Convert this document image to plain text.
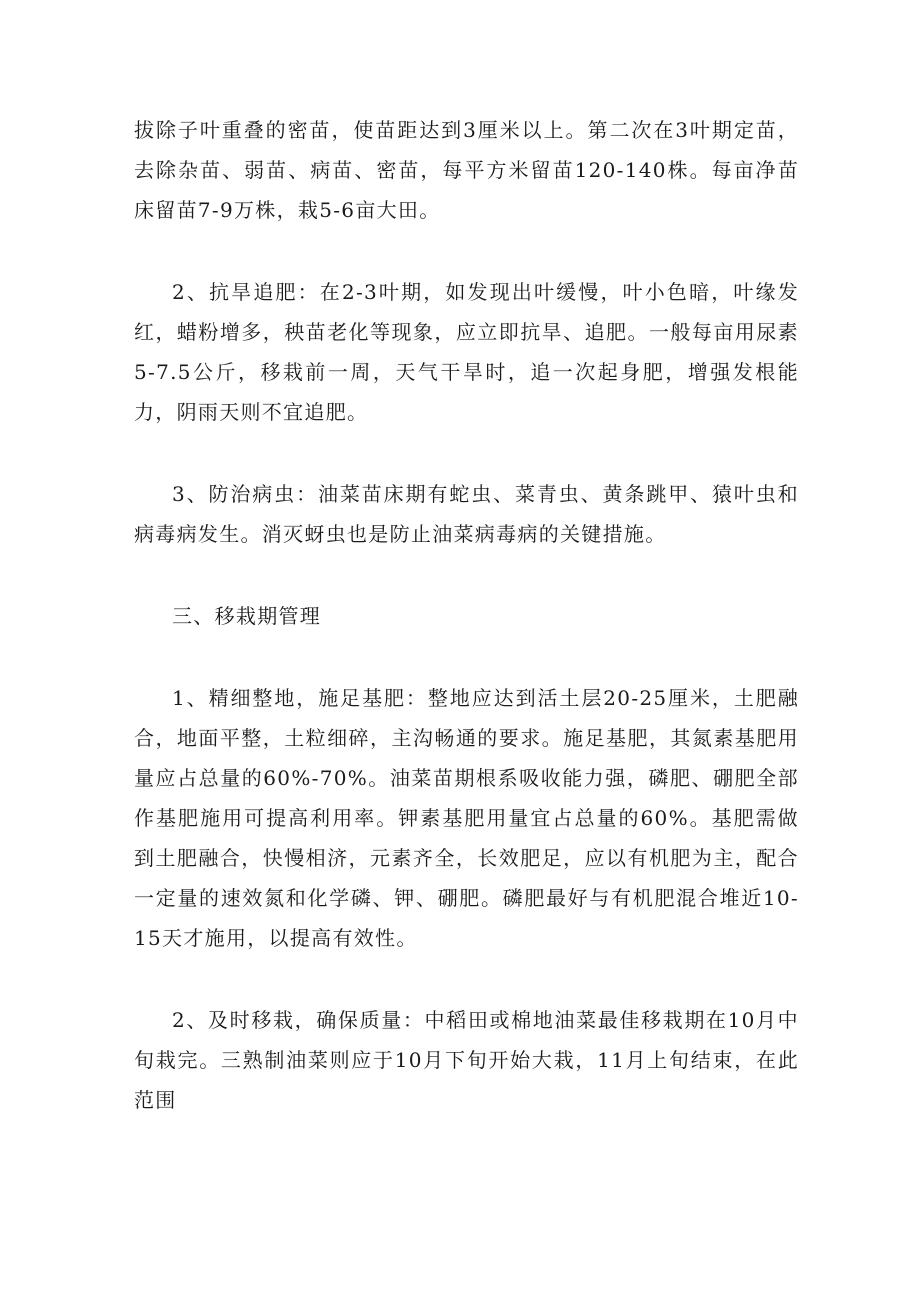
拔除子叶重叠的密苗，使苗距达到3厘米以上。第二次在3叶期定苗，去除杂苗、弱苗、病苗、密苗，每平方米留苗120-140株。每亩净苗床留苗7-9万株，栽5-6亩大田。

2、抗旱追肥：在2-3叶期，如发现出叶缓慢，叶小色暗，叶缘发红，蜡粉增多，秧苗老化等现象，应立即抗旱、追肥。一般每亩用尿素5-7.5公斤，移栽前一周，天气干旱时，追一次起身肥，增强发根能力，阴雨天则不宜追肥。

3、防治病虫：油菜苗床期有蛇虫、菜青虫、黄条跳甲、猿叶虫和病毒病发生。消灭蚜虫也是防止油菜病毒病的关键措施。

三、移栽期管理

1、精细整地，施足基肥：整地应达到活土层20-25厘米，土肥融合，地面平整，土粒细碎，主沟畅通的要求。施足基肥，其氮素基肥用量应占总量的60%-70%。油菜苗期根系吸收能力强，磷肥、硼肥全部作基肥施用可提高利用率。钾素基肥用量宜占总量的60%。基肥需做到土肥融合，快慢相济，元素齐全，长效肥足，应以有机肥为主，配合一定量的速效氮和化学磷、钾、硼肥。磷肥最好与有机肥混合堆近10-15天才施用，以提高有效性。

2、及时移栽，确保质量：中稻田或棉地油菜最佳移栽期在10月中旬栽完。三熟制油菜则应于10月下旬开始大栽，11月上旬结束，在此范围
